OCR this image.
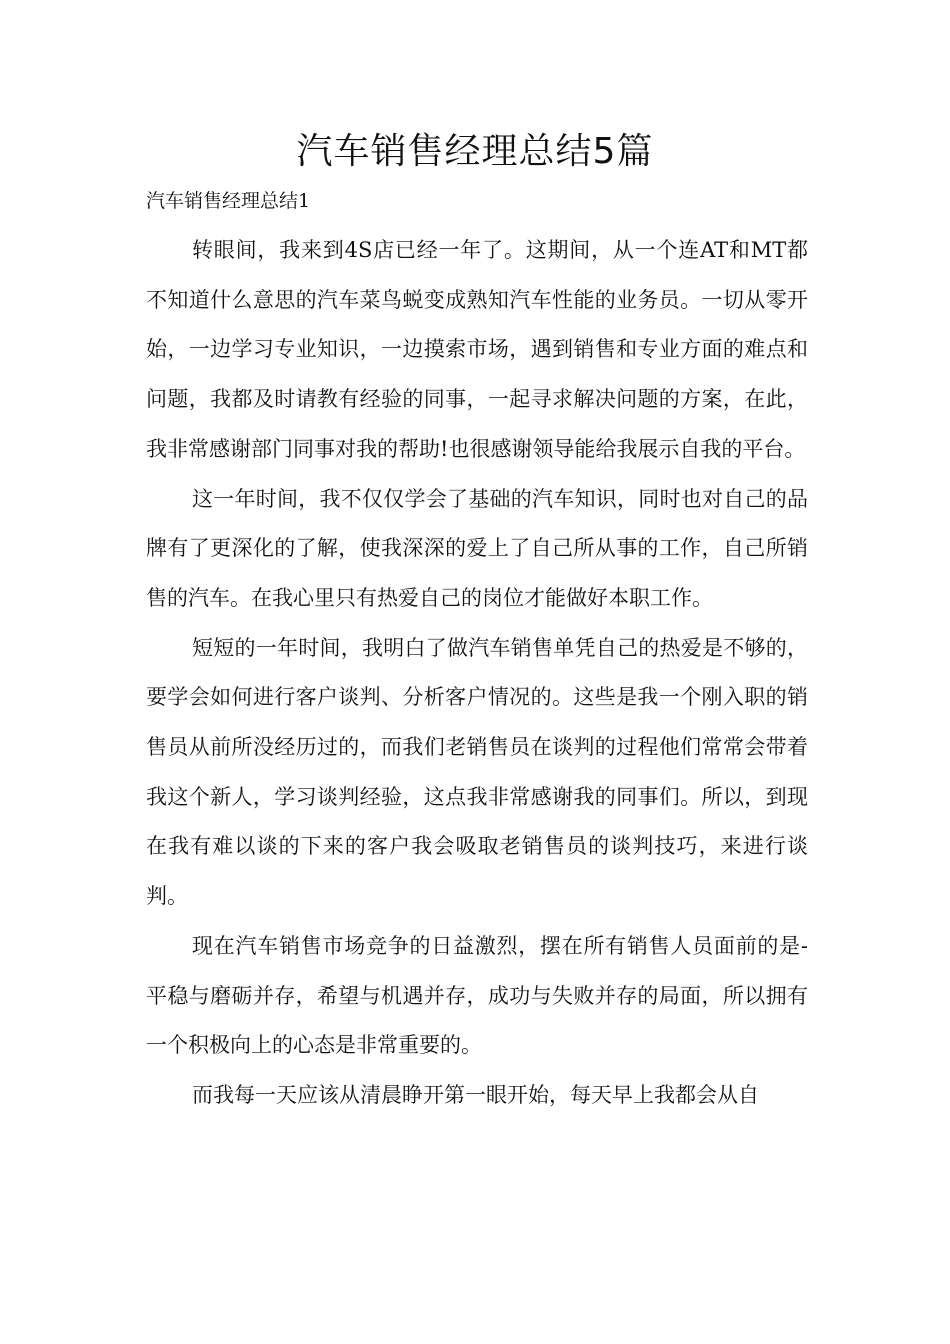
汽车销售经理总结5篇

汽车销售经理总结1

转眼间，我来到4S店已经一年了。这期间，从一个连AT和MT都不知道什么意思的汽车菜鸟蜕变成熟知汽车性能的业务员。一切从零开始，一边学习专业知识，一边摸索市场，遇到销售和专业方面的难点和问题，我都及时请教有经验的同事，一起寻求解决问题的方案，在此，我非常感谢部门同事对我的帮助!也很感谢领导能给我展示自我的平台。

这一年时间，我不仅仅学会了基础的汽车知识，同时也对自己的品牌有了更深化的了解，使我深深的爱上了自己所从事的工作，自己所销售的汽车。在我心里只有热爱自己的岗位才能做好本职工作。

短短的一年时间，我明白了做汽车销售单凭自己的热爱是不够的，要学会如何进行客户谈判、分析客户情况的。这些是我一个刚入职的销售员从前所没经历过的，而我们老销售员在谈判的过程他们常常会带着我这个新人，学习谈判经验，这点我非常感谢我的同事们。所以，到现在我有难以谈的下来的客户我会吸取老销售员的谈判技巧，来进行谈判。

现在汽车销售市场竞争的日益激烈，摆在所有销售人员面前的是-平稳与磨砺并存，希望与机遇并存，成功与失败并存的局面，所以拥有一个积极向上的心态是非常重要的。

而我每一天应该从清晨睁开第一眼开始，每天早上我都会从自
